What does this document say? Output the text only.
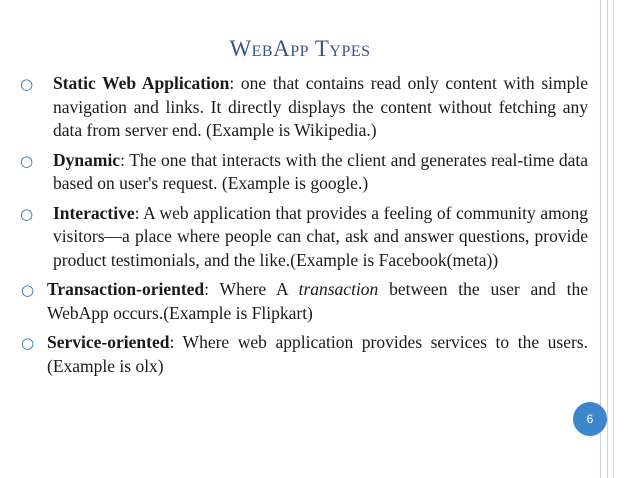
WebApp Types
○ Static Web Application: one that contains read only content with simple navigation and links. It directly displays the content without fetching any data from server end. (Example is Wikipedia.)
○ Dynamic: The one that interacts with the client and generates real-time data based on user's request. (Example is google.)
○ Interactive: A web application that provides a feeling of community among visitors—a place where people can chat, ask and answer questions, provide product testimonials, and the like.(Example is Facebook(meta))
○ Transaction-oriented: Where A transaction between the user and the WebApp occurs.(Example is Flipkart)
○ Service-oriented: Where web application provides services to the users.(Example is olx)
6
